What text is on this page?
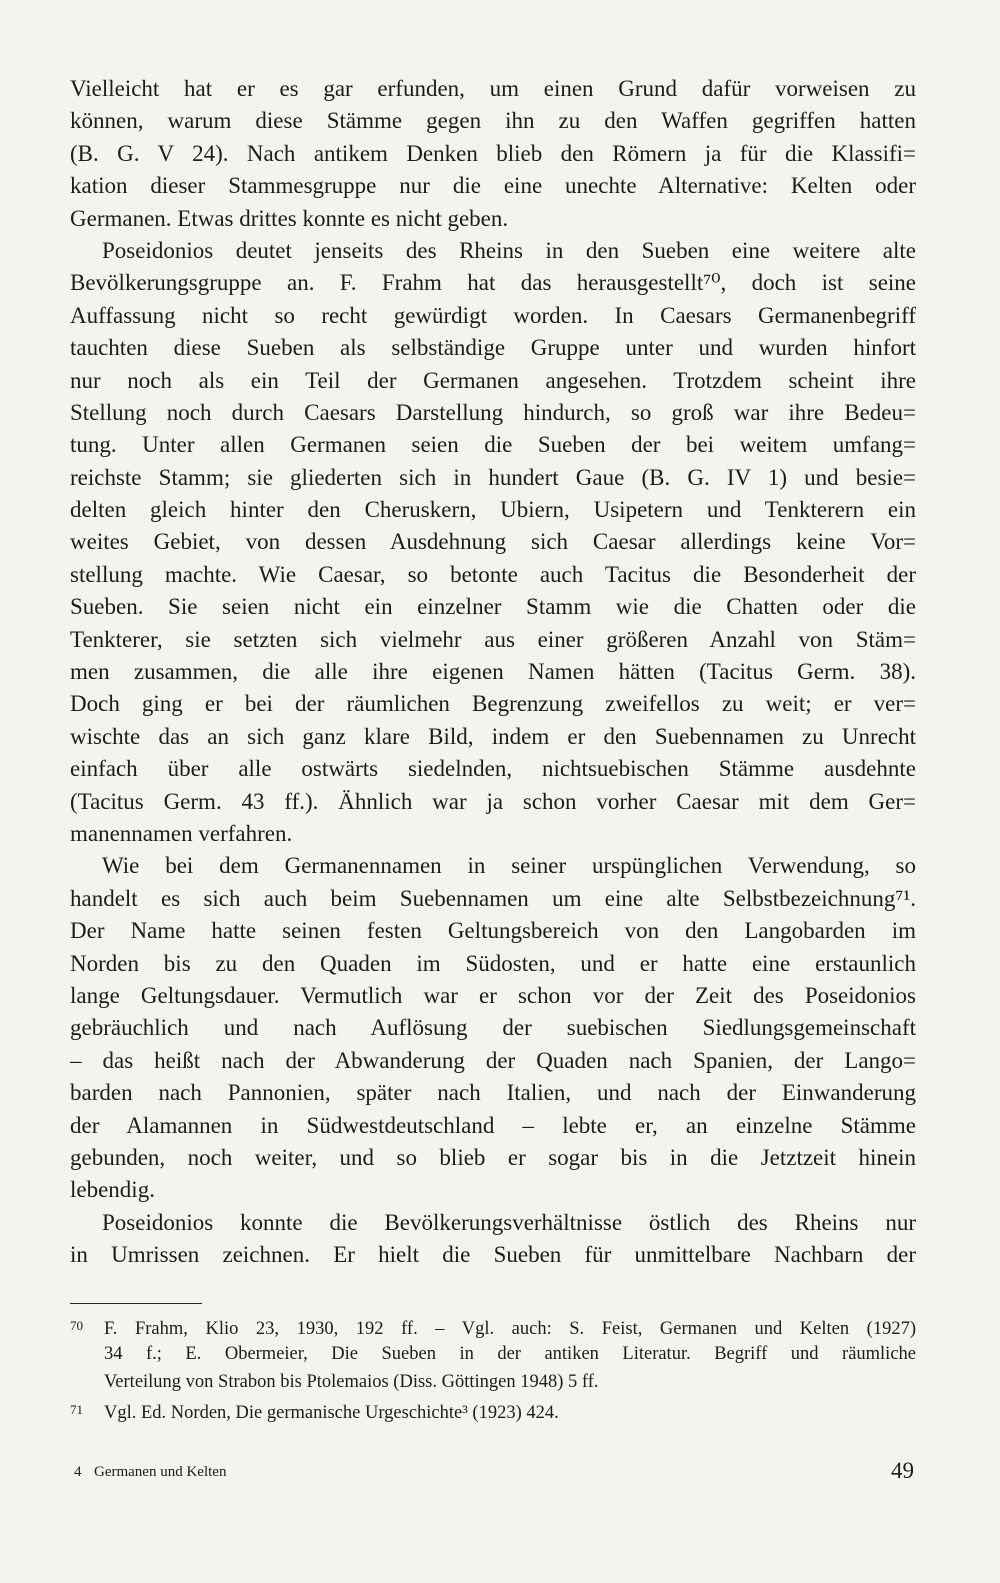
Vielleicht hat er es gar erfunden, um einen Grund dafür vorweisen zu
können, warum diese Stämme gegen ihn zu den Waffen gegriffen hatten
(B. G. V 24). Nach antikem Denken blieb den Römern ja für die Klassifi=
kation dieser Stammesgruppe nur die eine unechte Alternative: Kelten oder
Germanen. Etwas drittes konnte es nicht geben.
Poseidonios deutet jenseits des Rheins in den Sueben eine weitere alte
Bevölkerungsgruppe an. F. Frahm hat das herausgestellt⁷⁰, doch ist seine
Auffassung nicht so recht gewürdigt worden. In Caesars Germanenbegriff
tauchten diese Sueben als selbständige Gruppe unter und wurden hinfort
nur noch als ein Teil der Germanen angesehen. Trotzdem scheint ihre
Stellung noch durch Caesars Darstellung hindurch, so groß war ihre Bedeu=
tung. Unter allen Germanen seien die Sueben der bei weitem umfang=
reichste Stamm; sie gliederten sich in hundert Gaue (B. G. IV 1) und besie=
delten gleich hinter den Cheruskern, Ubiern, Usipetern und Tenkterern ein
weites Gebiet, von dessen Ausdehnung sich Caesar allerdings keine Vor=
stellung machte. Wie Caesar, so betonte auch Tacitus die Besonderheit der
Sueben. Sie seien nicht ein einzelner Stamm wie die Chatten oder die
Tenkterer, sie setzten sich vielmehr aus einer größeren Anzahl von Stäm=
men zusammen, die alle ihre eigenen Namen hätten (Tacitus Germ. 38).
Doch ging er bei der räumlichen Begrenzung zweifellos zu weit; er ver=
wischte das an sich ganz klare Bild, indem er den Suebennamen zu Unrecht
einfach über alle ostwärts siedelnden, nichtsuebischen Stämme ausdehnte
(Tacitus Germ. 43 ff.). Ähnlich war ja schon vorher Caesar mit dem Ger=
manennamen verfahren.
Wie bei dem Germanennamen in seiner urspünglichen Verwendung, so
handelt es sich auch beim Suebennamen um eine alte Selbstbezeichnung⁷¹.
Der Name hatte seinen festen Geltungsbereich von den Langobarden im
Norden bis zu den Quaden im Südosten, und er hatte eine erstaunlich
lange Geltungsdauer. Vermutlich war er schon vor der Zeit des Poseidonios
gebräuchlich und nach Auflösung der suebischen Siedlungsgemeinschaft
– das heißt nach der Abwanderung der Quaden nach Spanien, der Lango=
barden nach Pannonien, später nach Italien, und nach der Einwanderung
der Alamannen in Südwestdeutschland – lebte er, an einzelne Stämme
gebunden, noch weiter, und so blieb er sogar bis in die Jetztzeit hinein
lebendig.
Poseidonios konnte die Bevölkerungsverhältnisse östlich des Rheins nur
in Umrissen zeichnen. Er hielt die Sueben für unmittelbare Nachbarn der
70 F. Frahm, Klio 23, 1930, 192 ff. – Vgl. auch: S. Feist, Germanen und Kelten (1927)
34 f.; E. Obermeier, Die Sueben in der antiken Literatur. Begriff und räumliche
Verteilung von Strabon bis Ptolemaios (Diss. Göttingen 1948) 5 ff.
71 Vgl. Ed. Norden, Die germanische Urgeschichte³ (1923) 424.
4 Germanen und Kelten	49
